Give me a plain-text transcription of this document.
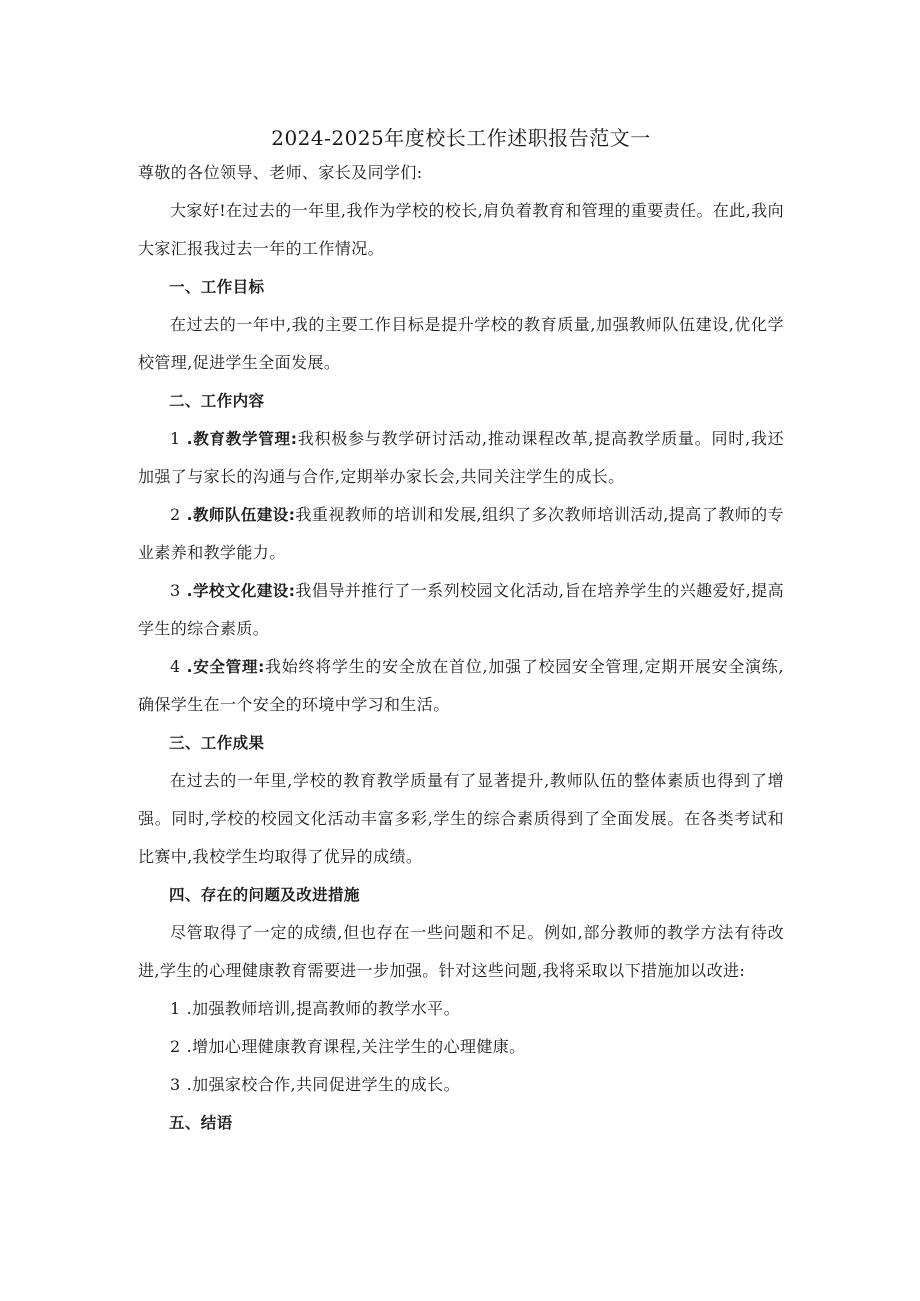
2024-2025年度校长工作述职报告范文一

尊敬的各位领导、老师、家长及同学们:

大家好!在过去的一年里,我作为学校的校长,肩负着教育和管理的重要责任。在此,我向大家汇报我过去一年的工作情况。

一、工作目标

在过去的一年中,我的主要工作目标是提升学校的教育质量,加强教师队伍建设,优化学校管理,促进学生全面发展。

二、工作内容

1 .教育教学管理:我积极参与教学研讨活动,推动课程改革,提高教学质量。同时,我还加强了与家长的沟通与合作,定期举办家长会,共同关注学生的成长。

2 .教师队伍建设:我重视教师的培训和发展,组织了多次教师培训活动,提高了教师的专业素养和教学能力。

3 .学校文化建设:我倡导并推行了一系列校园文化活动,旨在培养学生的兴趣爱好,提高学生的综合素质。

4 .安全管理:我始终将学生的安全放在首位,加强了校园安全管理,定期开展安全演练,确保学生在一个安全的环境中学习和生活。

三、工作成果

在过去的一年里,学校的教育教学质量有了显著提升,教师队伍的整体素质也得到了增强。同时,学校的校园文化活动丰富多彩,学生的综合素质得到了全面发展。在各类考试和比赛中,我校学生均取得了优异的成绩。

四、存在的问题及改进措施

尽管取得了一定的成绩,但也存在一些问题和不足。例如,部分教师的教学方法有待改进,学生的心理健康教育需要进一步加强。针对这些问题,我将采取以下措施加以改进:

1 .加强教师培训,提高教师的教学水平。

2 .增加心理健康教育课程,关注学生的心理健康。

3 .加强家校合作,共同促进学生的成长。

五、结语
